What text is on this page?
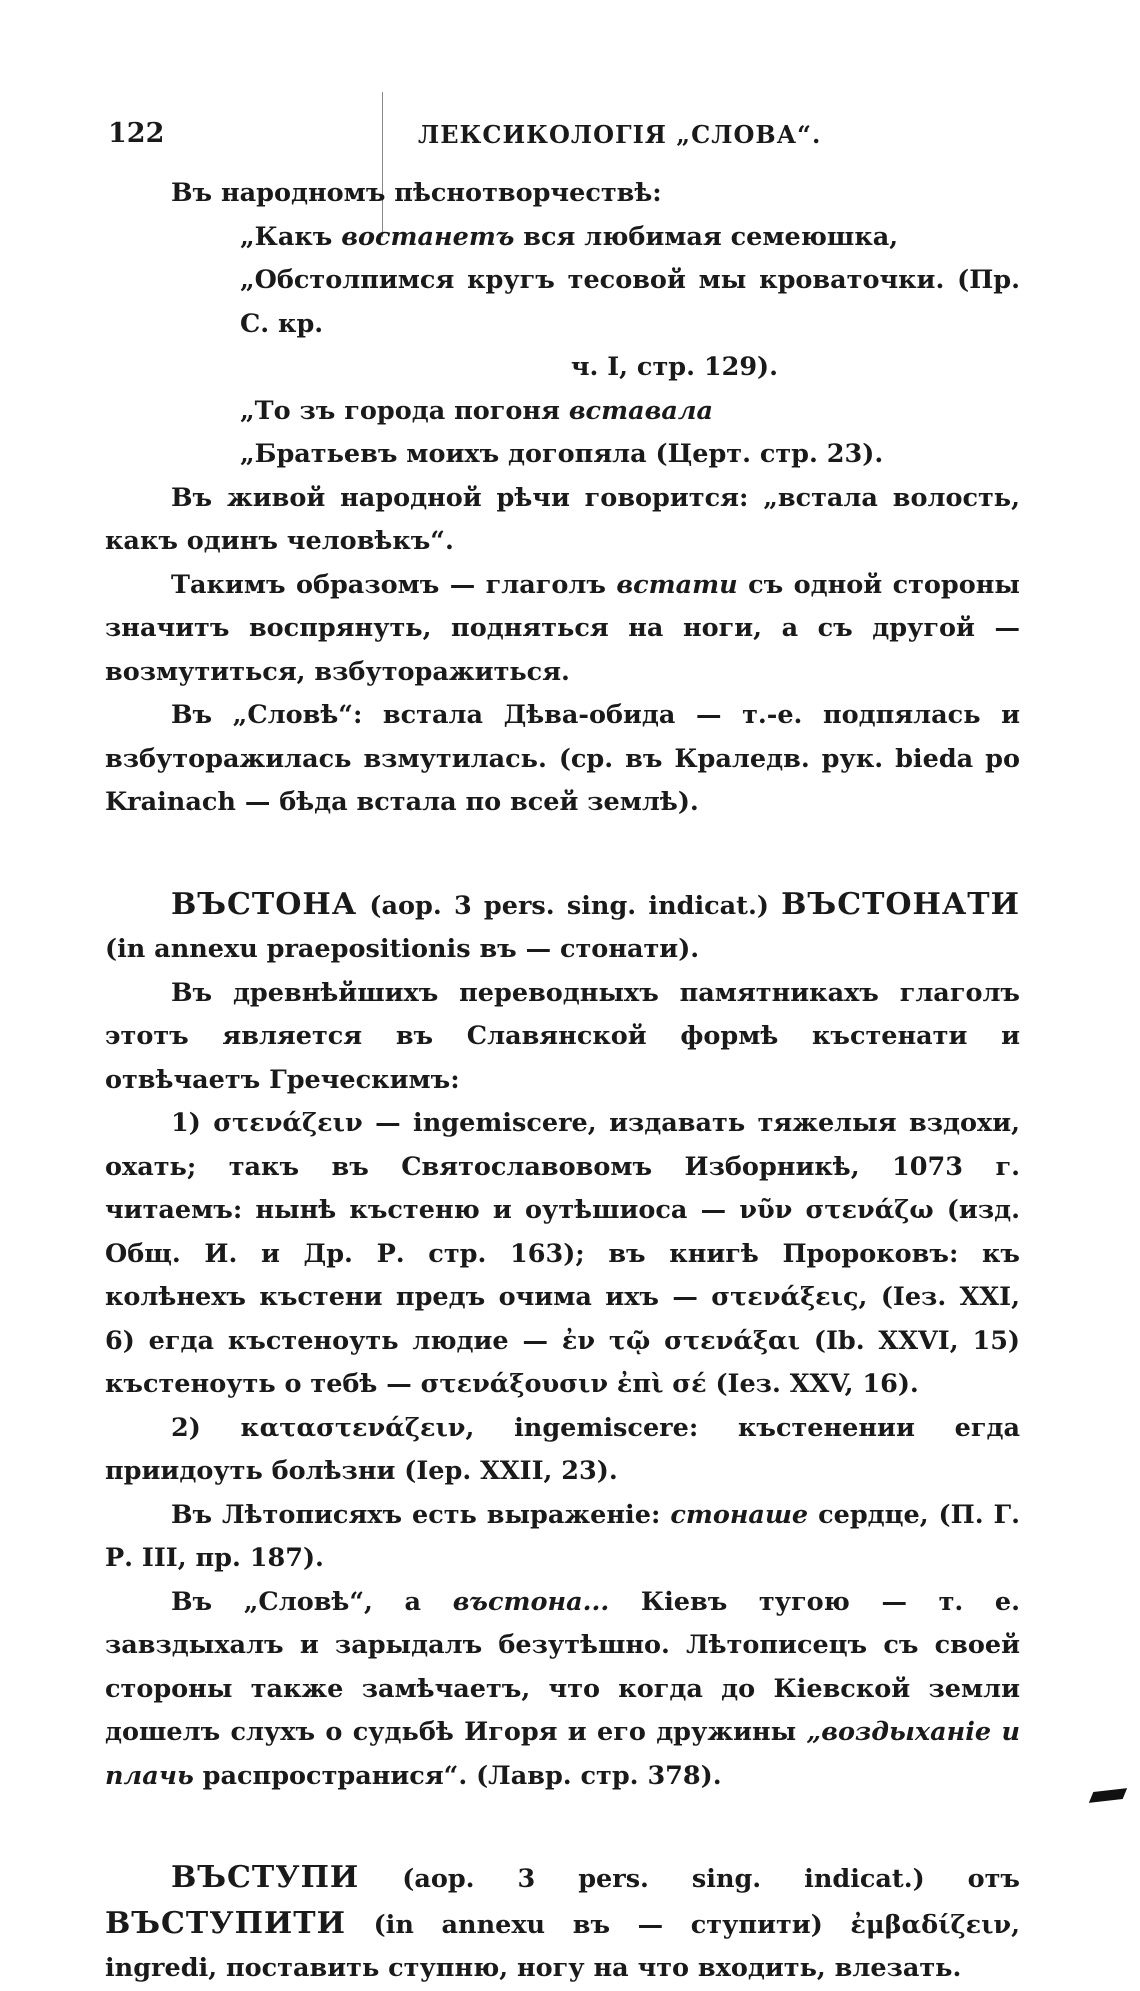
122	ЛЕКСИКОЛОГІЯ „СЛОВА“.

Въ народномъ пѣснотворчествѣ:

„Какъ востанетъ вся любимая семеюшка,

„Обстолпимся кругъ тесовой мы кроваточки. (Пр. С. кр.

ч. I, стр. 129).

„То зъ города погоня вставала

„Братьевъ моихъ догопяла (Церт. стр. 23).

Въ живой народной рѣчи говорится: „встала волость, какъ одинъ человѣкъ“.

Такимъ образомъ — глаголъ встати съ одной стороны значитъ воспрянуть, подняться на ноги, а съ другой — возмутиться, взбуторажиться.

Въ „Словѣ“: встала Дѣва-обида — т.-е. подпялась и взбуторажилась взмутилась. (ср. въ Краледв. рук. bieda po Krainach — бѣда встала по всей землѣ).

ВЪСТОНА (аор. 3 pers. sing. indicat.) ВЪСТОНАТИ (in annexu praepositionis въ — стонати).

Въ древнѣйшихъ переводныхъ памятникахъ глаголъ этотъ является въ Славянской формѣ къстенати и отвѣчаетъ Греческимъ:

1) στενάζειν — ingemiscere, издавать тяжелыя вздохи, охать; такъ въ Святославовомъ Изборникѣ, 1073 г. читаемъ: нынѣ къстеню и оутѣшиоса — νῦν στενάζω (изд. Общ. И. и Др. Р. стр. 163); въ книгѣ Пророковъ: къ колѣнехъ къстени предъ очима ихъ — στενάξεις, (Iез. XXI, 6) егда къстеноуть людие — ἐν τῷ στενάξαι (Ib. XXVI, 15) къстеноуть о тебѣ — στενάξουσιν ἐπὶ σέ (Iез. XXV, 16).

2) καταστενάζειν, ingemiscere: къстенении егда приидоуть болѣзни (Iер. XXII, 23).

Въ Лѣтописяхъ есть выраженіе: стонаше сердце, (П. Г. Р. III, пр. 187).

Въ „Словѣ“, а въстона... Кіевъ тугою — т. е. завздыхалъ и зарыдалъ безутѣшно. Лѣтописецъ съ своей стороны также замѣчаетъ, что когда до Кіевской земли дошелъ слухъ о судьбѣ Игоря и его дружины „воздыханіе и плачь распространися“. (Лавр. стр. 378).

ВЪСТУПИ (аор. 3 pers. sing. indicat.) отъ ВЪСТУПИТИ (in annexu въ — ступити) ἐμβαδίζειν, ingredi, поставить ступню, ногу на что входить, влезать.
